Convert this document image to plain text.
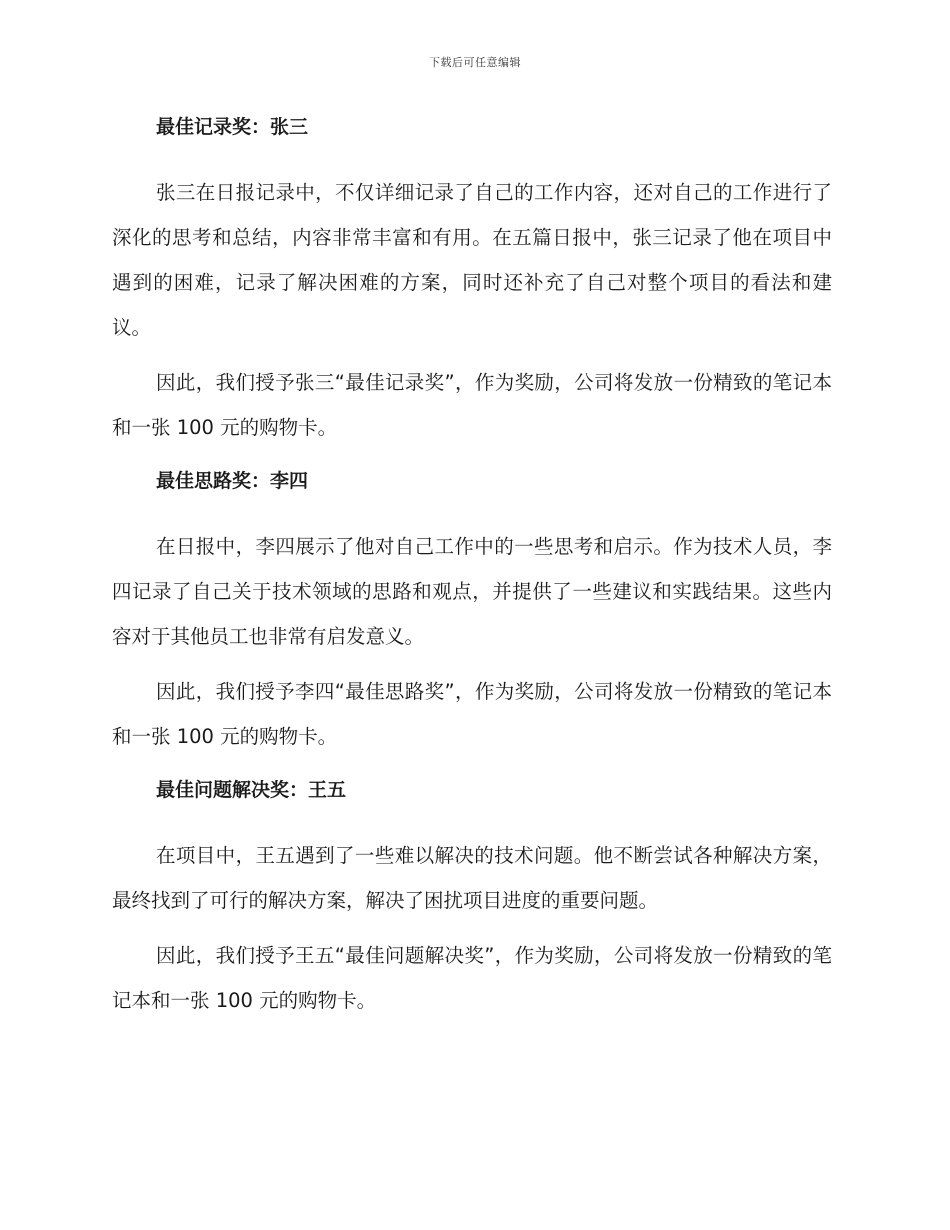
下载后可任意编辑
最佳记录奖：张三

张三在日报记录中，不仅详细记录了自己的工作内容，还对自己的工作进行了深化的思考和总结，内容非常丰富和有用。在五篇日报中，张三记录了他在项目中遇到的困难，记录了解决困难的方案，同时还补充了自己对整个项目的看法和建议。

因此，我们授予张三“最佳记录奖”，作为奖励，公司将发放一份精致的笔记本和一张 100 元的购物卡。

最佳思路奖：李四

在日报中，李四展示了他对自己工作中的一些思考和启示。作为技术人员，李四记录了自己关于技术领域的思路和观点，并提供了一些建议和实践结果。这些内容对于其他员工也非常有启发意义。

因此，我们授予李四“最佳思路奖”，作为奖励，公司将发放一份精致的笔记本和一张 100 元的购物卡。

最佳问题解决奖：王五

在项目中，王五遇到了一些难以解决的技术问题。他不断尝试各种解决方案，最终找到了可行的解决方案，解决了困扰项目进度的重要问题。

因此，我们授予王五“最佳问题解决奖”，作为奖励，公司将发放一份精致的笔记本和一张 100 元的购物卡。
